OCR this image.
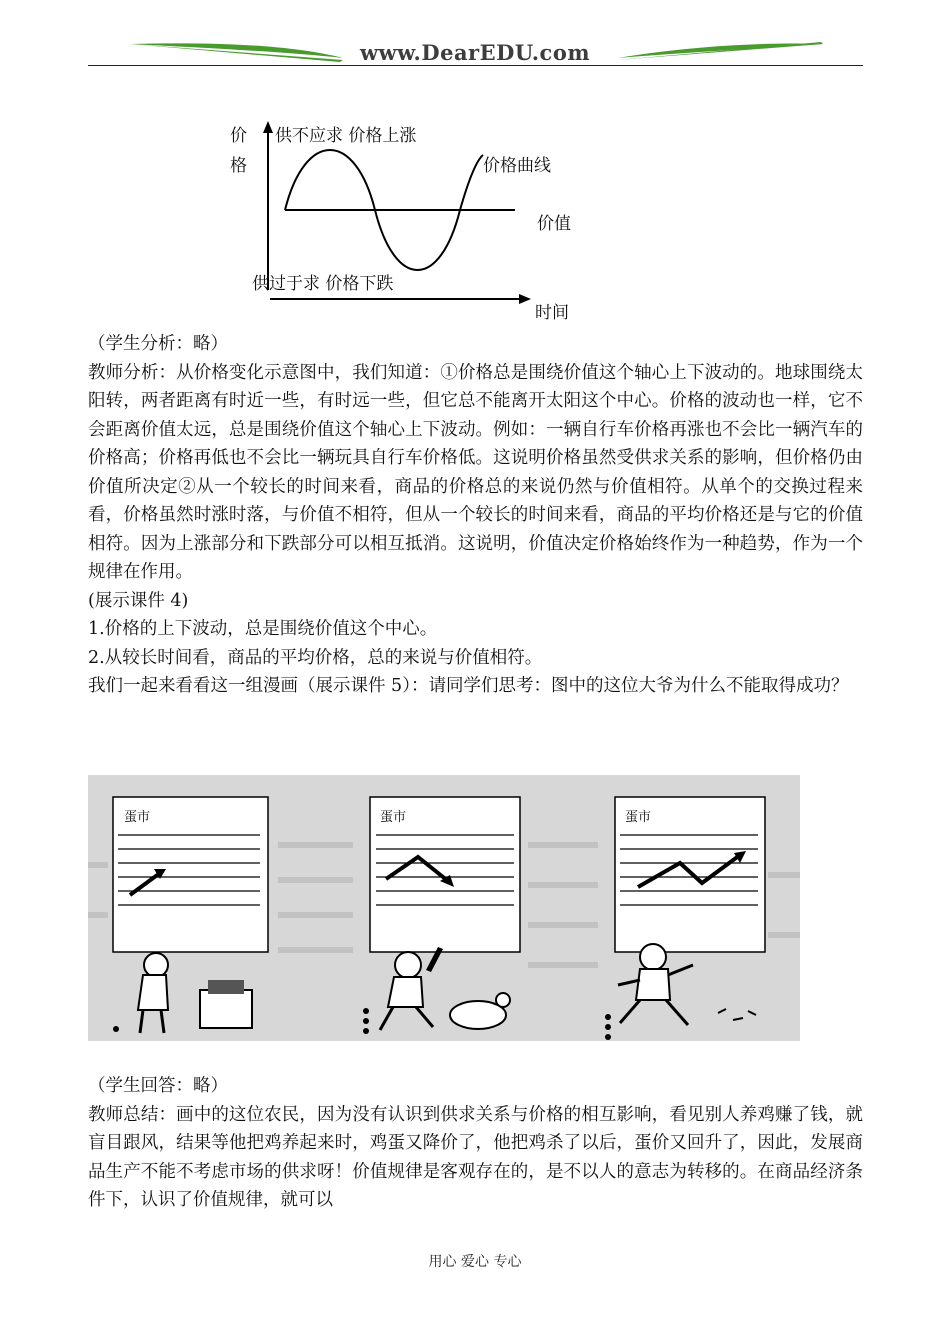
www.DearEDU.com
价
格
供不应求 价格上涨
价格曲线
价值
供过于求 价格下跌
时间

（学生分析：略）

教师分析：从价格变化示意图中，我们知道：①价格总是围绕价值这个轴心上下波动的。地球围绕太阳转，两者距离有时近一些，有时远一些，但它总不能离开太阳这个中心。价格的波动也一样，它不会距离价值太远，总是围绕价值这个轴心上下波动。例如：一辆自行车价格再涨也不会比一辆汽车的价格高；价格再低也不会比一辆玩具自行车价格低。这说明价格虽然受供求关系的影响，但价格仍由价值所决定②从一个较长的时间来看，商品的价格总的来说仍然与价值相符。从单个的交换过程来看，价格虽然时涨时落，与价值不相符，但从一个较长的时间来看，商品的平均价格还是与它的价值相符。因为上涨部分和下跌部分可以相互抵消。这说明，价值决定价格始终作为一种趋势，作为一个规律在作用。

(展示课件 4)

1.价格的上下波动，总是围绕价值这个中心。

2.从较长时间看，商品的平均价格，总的来说与价值相符。

我们一起来看看这一组漫画（展示课件 5）：请同学们思考：图中的这位大爷为什么不能取得成功？

蛋市	蛋市	蛋市

（学生回答：略）

教师总结：画中的这位农民，因为没有认识到供求关系与价格的相互影响，看见别人养鸡赚了钱，就盲目跟风，结果等他把鸡养起来时，鸡蛋又降价了，他把鸡杀了以后，蛋价又回升了，因此，发展商品生产不能不考虑市场的供求呀！价值规律是客观存在的，是不以人的意志为转移的。在商品经济条件下，认识了价值规律，就可以

用心 爱心 专心
